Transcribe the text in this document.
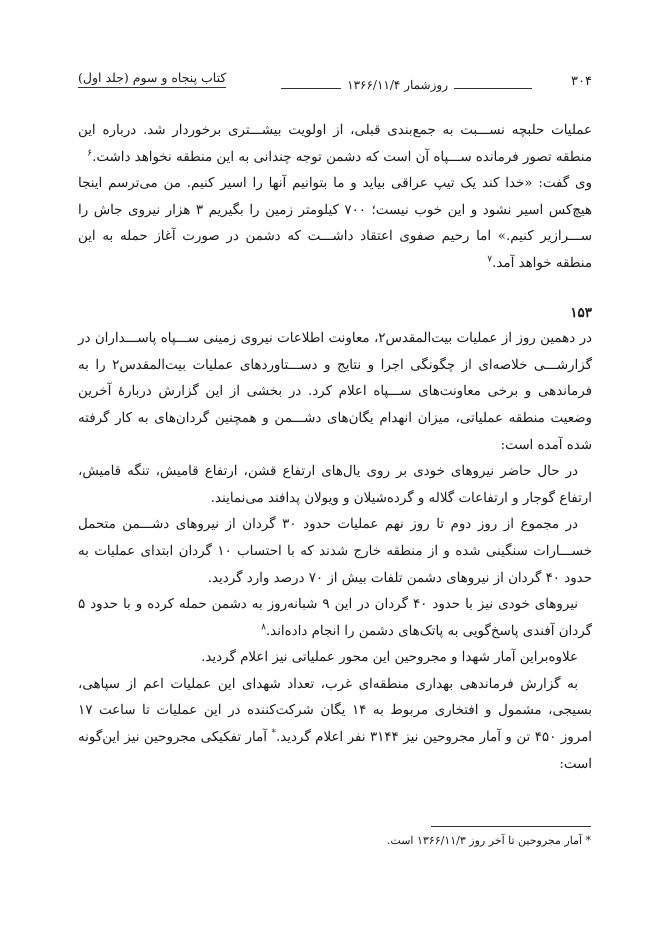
۳۰۴
روزشمار ۱۳۶۶/۱۱/۴
کتاب پنجاه و سوم (جلد اول)

عملیات حلبچه نســـبت به جمع‌بندی قبلی، از اولویت بیشـــتری برخوردار شد. درباره این منطقه تصور فرمانده ســـپاه آن است که دشمن توجه چندانی به این منطقه نخواهد داشت.$^۶$

وی گفت: «خدا کند یک تیپ عراقی بیاید و ما بتوانیم آنها را اسیر کنیم. من می‌ترسم اینجا هیچ‌کس اسیر نشود و این خوب نیست؛ ۷۰۰ کیلومتر زمین را بگیریم ۳ هزار نیروی جاش را ســـرازیر کنیم.» اما رحیم صفوی اعتقاد داشـــت که دشمن در صورت آغاز حمله به این منطقه خواهد آمد.$^۷$

۱۵۳

در دهمین روز از عملیات بیت‌المقدس۲، معاونت اطلاعات نیروی زمینی ســـپاه پاســـداران در گزارشـــی خلاصه‌ای از چگونگی اجرا و نتایج و دســـتاوردهای عملیات بیت‌المقدس۲ را به فرماندهی و برخی معاونت‌های ســـپاه اعلام کرد. در بخشی از این گزارش دربارهٔ آخرین وضعیت منطقه عملیاتی، میزان انهدام یگان‌های دشـــمن و همچنین گردان‌های به کار گرفته شده آمده است:

در حال حاضر نیروهای خودی بر روی یال‌های ارتفاع قشن، ارتفاع قامیش، تنگه قامیش، ارتفاع گوجار و ارتفاعات گلاله و گرده‌شیلان و ویولان پدافند می‌نمایند.

در مجموع از روز دوم تا روز نهم عملیات حدود ۳۰ گردان از نیروهای دشـــمن متحمل خســـارات سنگینی شده و از منطقه خارج شدند که با احتساب ۱۰ گردان ابتدای عملیات به حدود ۴۰ گردان از نیروهای دشمن تلفات بیش از ۷۰ درصد وارد گردید.

نیروهای خودی نیز با حدود ۴۰ گردان در این ۹ شبانه‌روز به دشمن حمله کرده و با حدود ۵ گردان آفندی پاسخ‌گویی به پاتک‌های دشمن را انجام داده‌اند.$^۸$

علاوه‌براین آمار شهدا و مجروحین این محور عملیاتی نیز اعلام گردید.

به گزارش فرماندهی بهداری منطقه‌ای غرب، تعداد شهدای این عملیات اعم از سپاهی، بسیجی، مشمول و افتخاری مربوط به ۱۴ یگان شرکت‌کننده در این عملیات تا ساعت ۱۷ امروز ۴۵۰ تن و آمار مجروحین نیز ۳۱۴۴ نفر اعلام گردید.* آمار تفکیکی مجروحین نیز این‌گونه است:

* آمار مجروحین تا آخر روز ۱۳۶۶/۱۱/۳ است.
